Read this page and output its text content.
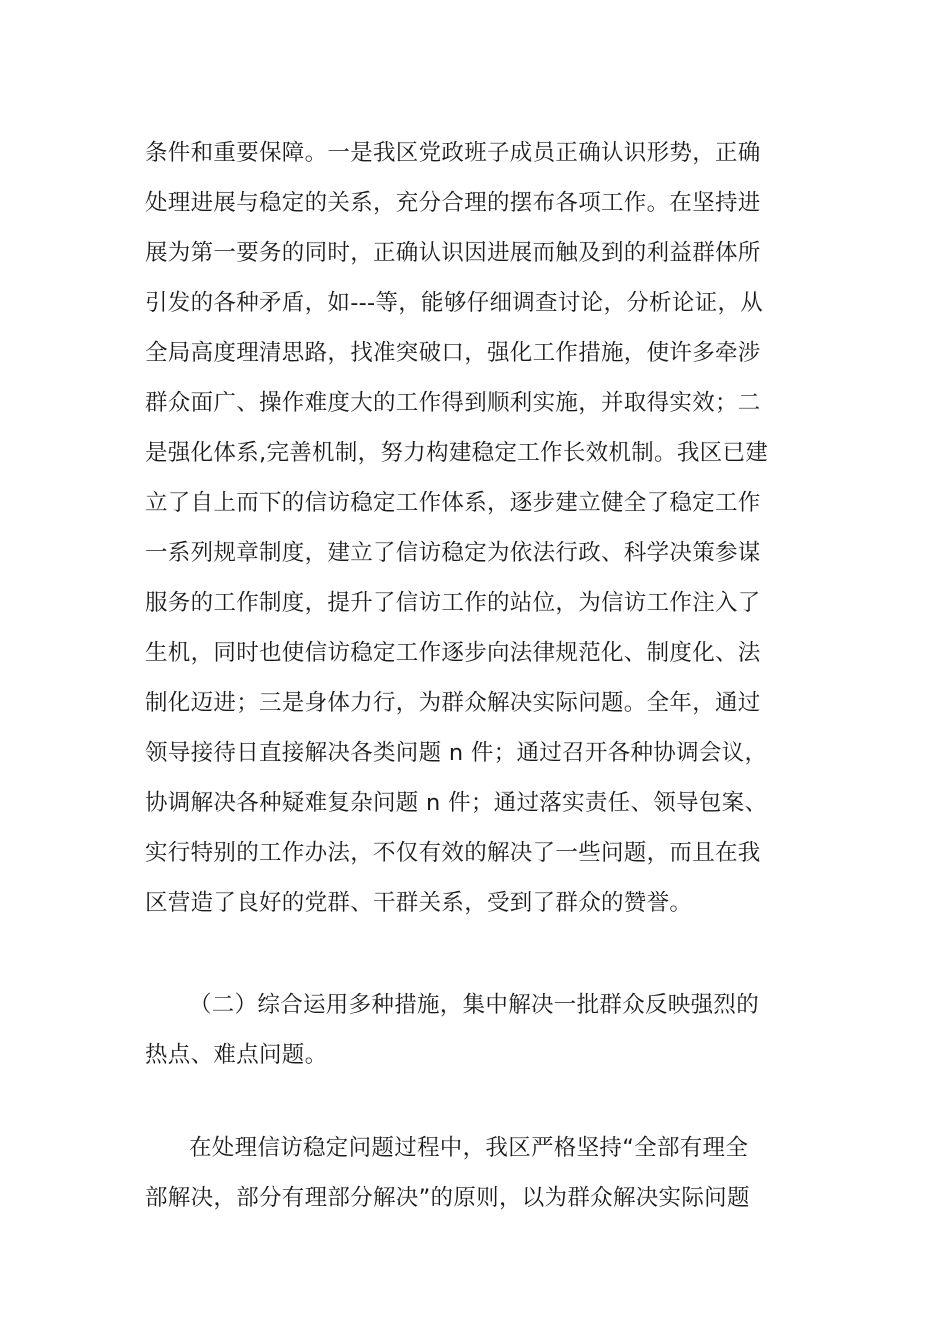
条件和重要保障。一是我区党政班子成员正确认识形势，正确
处理进展与稳定的关系，充分合理的摆布各项工作。在坚持进
展为第一要务的同时，正确认识因进展而触及到的利益群体所
引发的各种矛盾，如---等，能够仔细调查讨论，分析论证，从
全局高度理清思路，找准突破口，强化工作措施，使许多牵涉
群众面广、操作难度大的工作得到顺利实施，并取得实效；二
是强化体系,完善机制，努力构建稳定工作长效机制。我区已建
立了自上而下的信访稳定工作体系，逐步建立健全了稳定工作
一系列规章制度，建立了信访稳定为依法行政、科学决策参谋
服务的工作制度，提升了信访工作的站位，为信访工作注入了
生机，同时也使信访稳定工作逐步向法律规范化、制度化、法
制化迈进；三是身体力行，为群众解决实际问题。全年，通过
领导接待日直接解决各类问题 n 件；通过召开各种协调会议，
协调解决各种疑难复杂问题 n 件；通过落实责任、领导包案、
实行特别的工作办法，不仅有效的解决了一些问题，而且在我
区营造了良好的党群、干群关系，受到了群众的赞誉。
（二）综合运用多种措施，集中解决一批群众反映强烈的
热点、难点问题。
在处理信访稳定问题过程中，我区严格坚持“全部有理全
部解决，部分有理部分解决”的原则，以为群众解决实际问题
